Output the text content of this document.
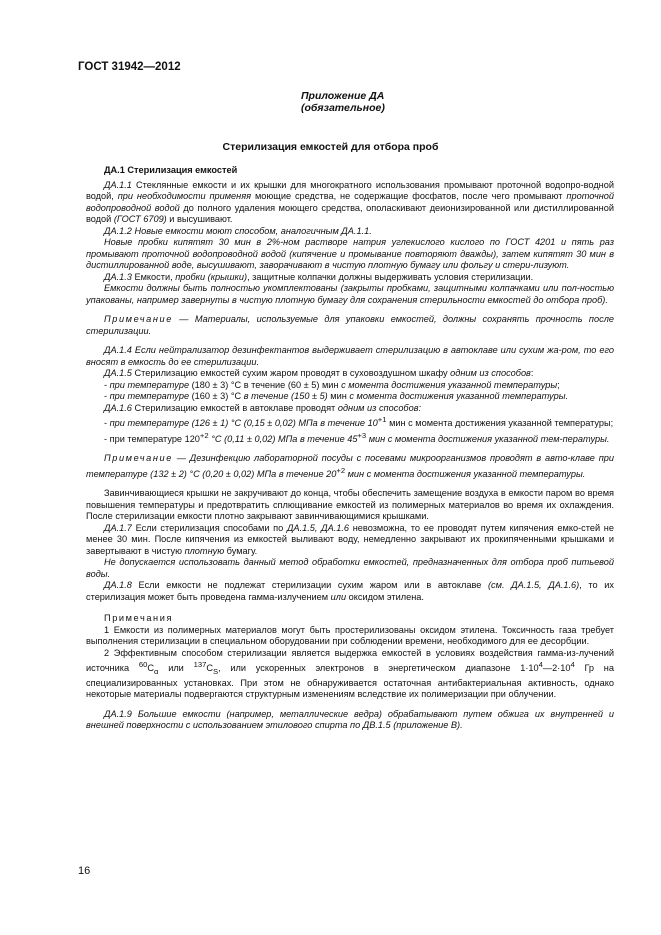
ГОСТ 31942—2012
Приложение ДА
(обязательное)
Стерилизация емкостей для отбора проб

ДА.1 Стерилизация емкостей

ДА.1.1 Стеклянные емкости и их крышки для многократного использования промывают проточной водопро-водной водой, при необходимости применяя моющие средства, не содержащие фосфатов, после чего промывают проточной водопроводной водой до полного удаления моющего средства, ополаскивают деионизированной или дистиллированной водой (ГОСТ 6709) и высушивают.

ДА.1.2 Новые емкости моют способом, аналогичным ДА.1.1.

Новые пробки кипятят 30 мин в 2%-ном растворе натрия углекислого кислого по ГОСТ 4201 и пять раз промывают проточной водопроводной водой (кипячение и промывание повторяют дважды), затем кипятят 30 мин в дистиллированной воде, высушивают, заворачивают в чистую плотную бумагу или фольгу и стери-лизуют.

ДА.1.3 Емкости, пробки (крышки), защитные колпачки должны выдерживать условия стерилизации.

Емкости должны быть полностью укомплектованы (закрыты пробками, защитными колпачками или пол-ностью упакованы, например завернуты в чистую плотную бумагу для сохранения стерильности емкостей до отбора проб).

Примечание — Материалы, используемые для упаковки емкостей, должны сохранять прочность после стерилизации.

ДА.1.4 Если нейтрализатор дезинфектантов выдерживает стерилизацию в автоклаве или сухим жа-ром, то его вносят в емкость до ее стерилизации.

ДА.1.5 Стерилизацию емкостей сухим жаром проводят в суховоздушном шкафу одним из способов:

- при температуре (180 ± 3) °С в течение (60 ± 5) мин с момента достижения указанной температуры;

- при температуре (160 ± 3) °С в течение (150 ± 5) мин с момента достижения указанной температуры.

ДА.1.6 Стерилизацию емкостей в автоклаве проводят одним из способов:

- при температуре (126 ± 1) °С (0,15 ± 0,02) МПа в течение $10^{+1}$ мин с момента достижения указанной температуры;

- при температуре $120^{+2}$ °С (0,11 ± 0,02) МПа в течение $45^{+3}$ мин с момента достижения указанной тем-пературы.

Примечание — Дезинфекцию лабораторной посуды с посевами микроорганизмов проводят в авто-клаве при температуре (132 ± 2) °С (0,20 ± 0,02) МПа в течение $20^{+2}$ мин с момента достижения указанной температуры.

Завинчивающиеся крышки не закручивают до конца, чтобы обеспечить замещение воздуха в емкости паром во время повышения температуры и предотвратить сплющивание емкостей из полимерных материалов во время их охлаждения. После стерилизации емкости плотно закрывают завинчивающимися крышками.

ДА.1.7 Если стерилизация способами по ДА.1.5, ДА.1.6 невозможна, то ее проводят путем кипячения емко-стей не менее 30 мин. После кипячения из емкостей выливают воду, немедленно закрывают их прокипяченными крышками и завертывают в чистую плотную бумагу.

Не допускается использовать данный метод обработки емкостей, предназначенных для отбора проб питьевой воды.

ДА.1.8 Если емкости не подлежат стерилизации сухим жаром или в автоклаве (см. ДА.1.5, ДА.1.6), то их стерилизация может быть проведена гамма-излучением или оксидом этилена.

Примечания

1 Емкости из полимерных материалов могут быть простерилизованы оксидом этилена. Токсичность газа требует выполнения стерилизации в специальном оборудовании при соблюдении времени, необходимого для ее десорбции.

2 Эффективным способом стерилизации является выдержка емкостей в условиях воздействия гамма-из-лучений источника $^{60}C_\alpha$ или $^{137}C_S$, или ускоренных электронов в энергетическом диапазоне $1\cdot 10^4—2\cdot 10^4$ Гр на специализированных установках. При этом не обнаруживается остаточная антибактериальная активность, однако некоторые материалы подвергаются структурным изменениям вследствие их полимеризации при облучении.

ДА.1.9 Большие емкости (например, металлические ведра) обрабатывают путем обжига их внутренней и внешней поверхности с использованием этилового спирта по ДВ.1.5 (приложение В).

16
